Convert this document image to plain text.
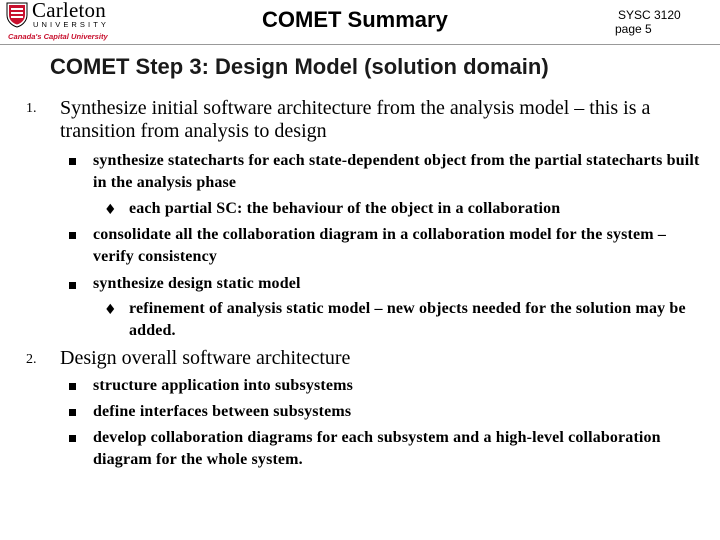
Carleton
UNIVERSITY
Canada's Capital University
COMET Summary	SYSC 3120
page 5
COMET Step 3: Design Model (solution domain)
1. Synthesize initial software architecture from the analysis model – this is a transition from analysis to design
synthesize statecharts for each state-dependent object from the partial statecharts built in the analysis phase
♦ each partial SC: the behaviour of the object in a collaboration
consolidate all the collaboration diagram in a collaboration model for the system – verify consistency
synthesize design static model
♦ refinement of analysis static model – new objects needed for the solution may be added.
2. Design overall software architecture
structure application into subsystems
define interfaces between subsystems
develop collaboration diagrams for each subsystem and a high-level collaboration diagram for the whole system.
